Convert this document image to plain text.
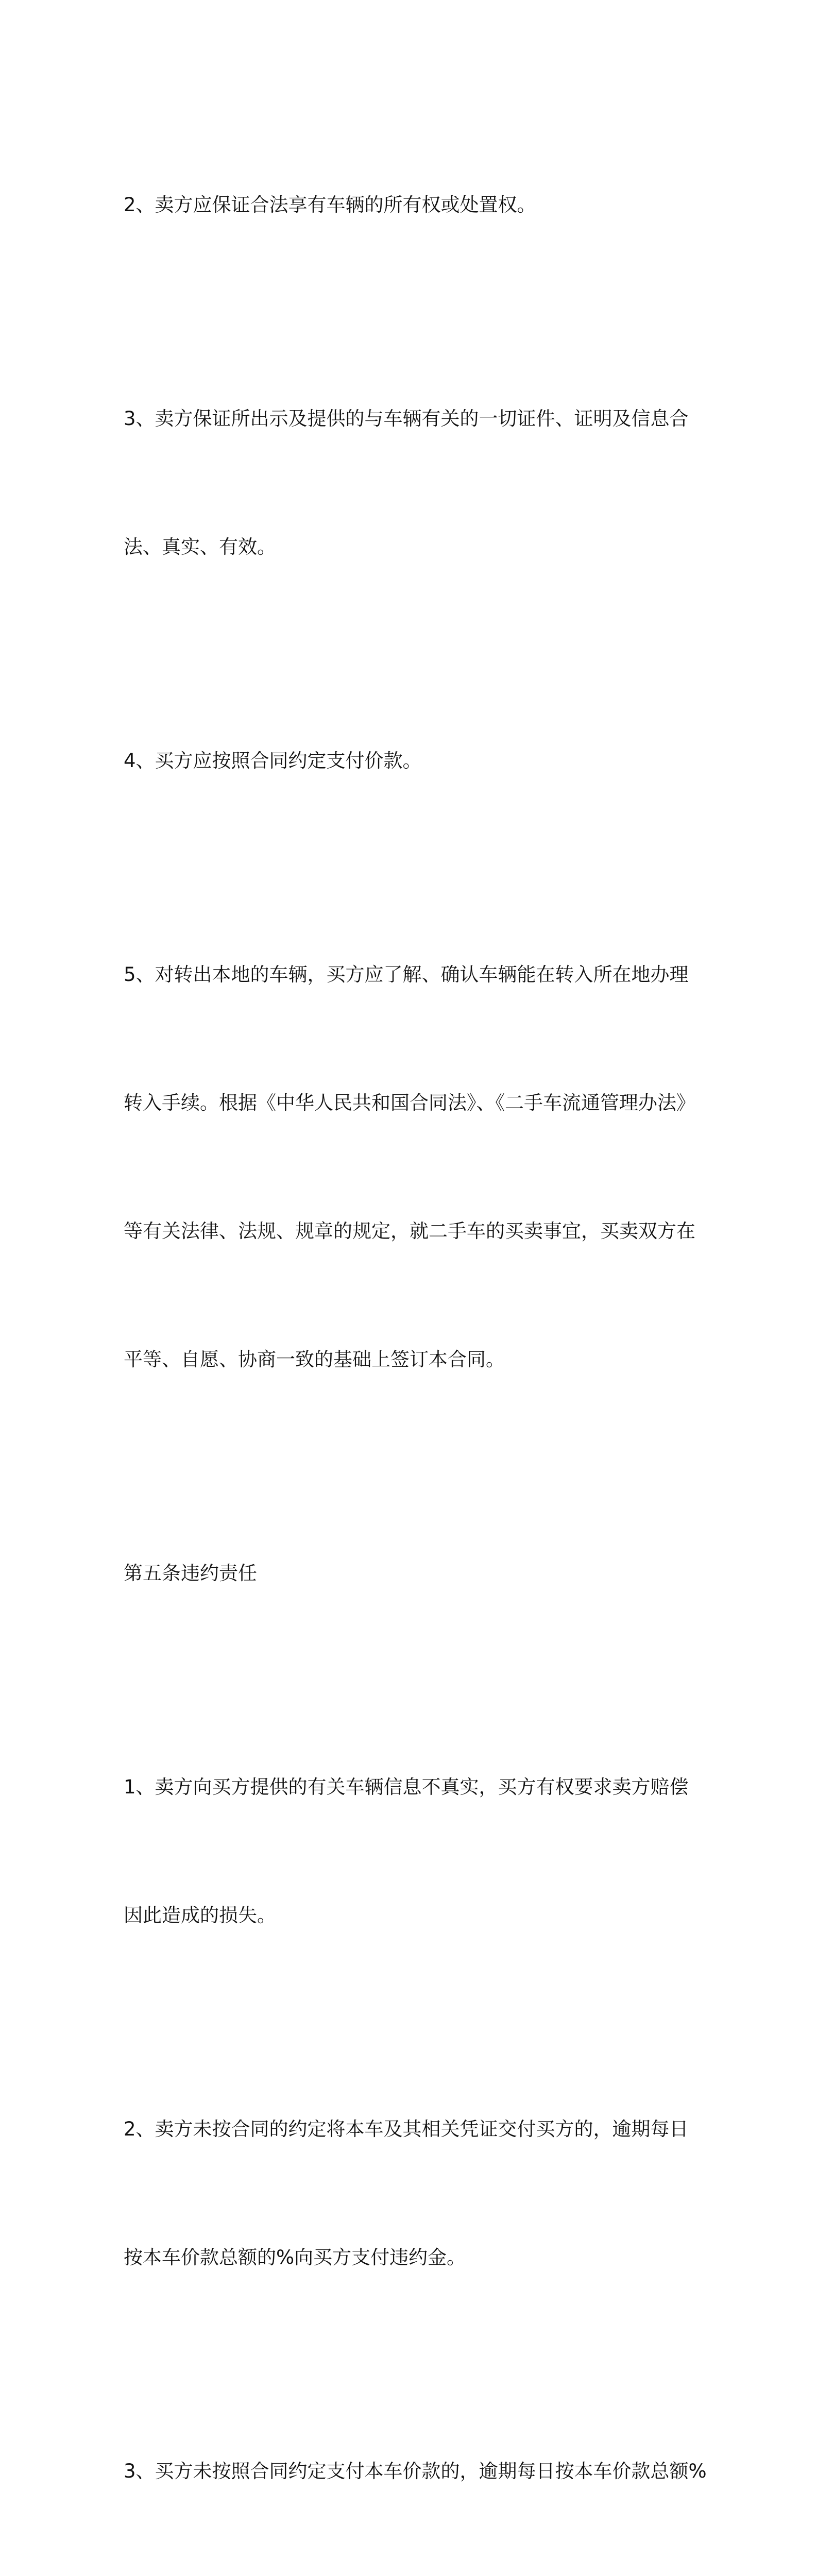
2、卖方应保证合法享有车辆的所有权或处置权。

3、卖方保证所出示及提供的与车辆有关的一切证件、证明及信息合

法、真实、有效。

4、买方应按照合同约定支付价款。

5、对转出本地的车辆，买方应了解、确认车辆能在转入所在地办理

转入手续。根据《中华人民共和国合同法》、《二手车流通管理办法》

等有关法律、法规、规章的规定，就二手车的买卖事宜，买卖双方在

平等、自愿、协商一致的基础上签订本合同。

第五条违约责任

1、卖方向买方提供的有关车辆信息不真实，买方有权要求卖方赔偿

因此造成的损失。

2、卖方未按合同的约定将本车及其相关凭证交付买方的，逾期每日

按本车价款总额的%向买方支付违约金。

3、买方未按照合同约定支付本车价款的，逾期每日按本车价款总额%
